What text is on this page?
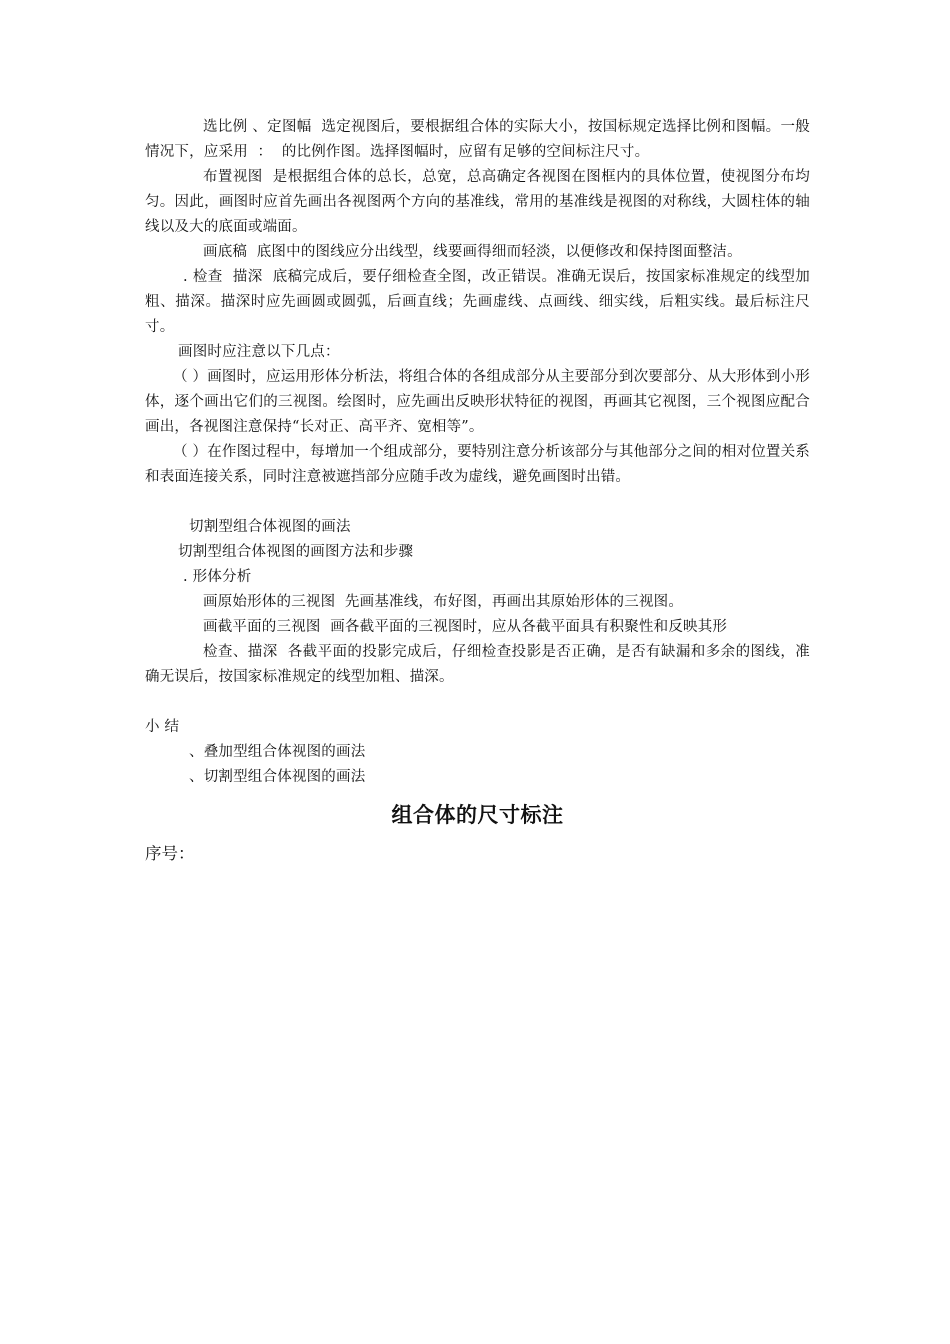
选比例 、定图幅  选定视图后，要根据组合体的实际大小，按国标规定选择比例和图幅。一般情况下，应采用  ：  的比例作图。选择图幅时，应留有足够的空间标注尺寸。

布置视图  是根据组合体的总长，总宽，总高确定各视图在图框内的具体位置，使视图分布均匀。因此，画图时应首先画出各视图两个方向的基准线，常用的基准线是视图的对称线，大圆柱体的轴线以及大的底面或端面。

画底稿  底图中的图线应分出线型，线要画得细而轻淡，以便修改和保持图面整洁。

. 检查  描深  底稿完成后，要仔细检查全图，改正错误。准确无误后，按国家标准规定的线型加粗、描深。描深时应先画圆或圆弧，后画直线；先画虚线、点画线、细实线，后粗实线。最后标注尺寸。

画图时应注意以下几点：

（ ）画图时，应运用形体分析法，将组合体的各组成部分从主要部分到次要部分、从大形体到小形体，逐个画出它们的三视图。绘图时，应先画出反映形状特征的视图，再画其它视图，三个视图应配合画出，各视图注意保持“长对正、高平齐、宽相等”。

（ ）在作图过程中，每增加一个组成部分，要特别注意分析该部分与其他部分之间的相对位置关系和表面连接关系，同时注意被遮挡部分应随手改为虚线，避免画图时出错。

切割型组合体视图的画法

切割型组合体视图的画图方法和步骤

. 形体分析

画原始形体的三视图  先画基准线，布好图，再画出其原始形体的三视图。

画截平面的三视图  画各截平面的三视图时，应从各截平面具有积聚性和反映其形

检查、描深  各截平面的投影完成后，仔细检查投影是否正确，是否有缺漏和多余的图线，准确无误后，按国家标准规定的线型加粗、描深。

小 结

、叠加型组合体视图的画法

、切割型组合体视图的画法

组合体的尺寸标注

序号：
